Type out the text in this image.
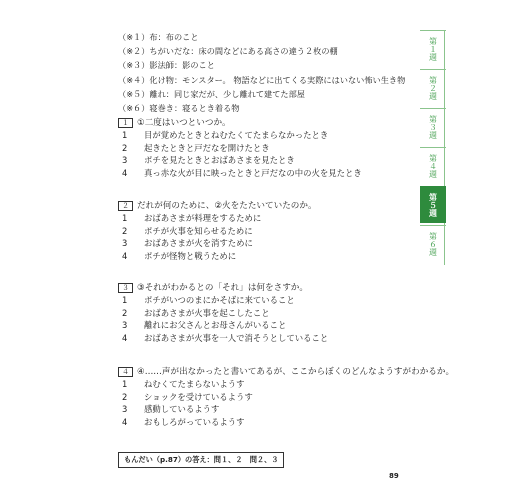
（※１）布：布のこと
（※２）ちがいだな：床の間などにある高さの違う２枚の棚
（※３）影法師：影のこと
（※４）化け物：モンスター。 物語などに出てくる実際にはいない怖い生き物
（※５）離れ：同じ家だが、少し離れて建てた部屋
（※６）寝巻き：寝るとき着る物
１ ①二度はいつといつか。
1 目が覚めたときとねむたくてたまらなかったとき
2 起きたときと戸だなを開けたとき
3 ポチを見たときとおばあさまを見たとき
4 真っ赤な火が目に映ったときと戸だなの中の火を見たとき
２ だれが何のために、②火をたたいていたのか。
1 おばあさまが料理をするために
2 ポチが火事を知らせるために
3 おばあさまが火を消すために
4 ポチが怪物と戦うために
３ ③それがわかるとの「それ」は何をさすか。
1 ポチがいつのまにかそばに来ていること
2 おばあさまが火事を起こしたこと
3 離れにお父さんとお母さんがいること
4 おばあさまが火事を一人で消そうとしていること
４ ④……声が出なかったと書いてあるが、ここからぼくのどんなようすがわかるか。
1 ねむくてたまらないようす
2 ショックを受けているようす
3 感動しているようす
4 おもしろがっているようす
もんだい（p.87）の答え：問１、２　問２、３
89
第１週
第２週
第３週
第４週
第５週
第６週
